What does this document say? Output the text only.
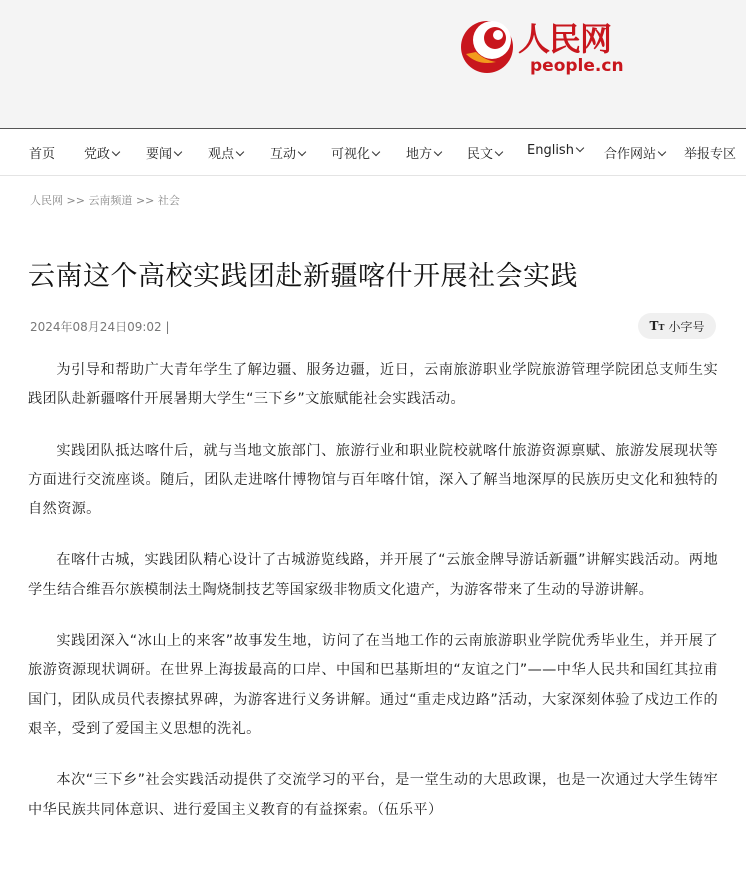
人民网
people.cn
首页 党政	要闻	观点	互动	可视化	地方	民文	English	合作网站	举报专区
人民网 >> 云南频道 >> 社会
云南这个高校实践团赴新疆喀什开展社会实践
2024年08月24日09:02 |	TT 小字号

为引导和帮助广大青年学生了解边疆、服务边疆，近日，云南旅游职业学院旅游管理学院团总支师生实践团队赴新疆喀什开展暑期大学生“三下乡”文旅赋能社会实践活动。

实践团队抵达喀什后，就与当地文旅部门、旅游行业和职业院校就喀什旅游资源禀赋、旅游发展现状等方面进行交流座谈。随后，团队走进喀什博物馆与百年喀什馆，深入了解当地深厚的民族历史文化和独特的自然资源。

在喀什古城，实践团队精心设计了古城游览线路，并开展了“云旅金牌导游话新疆”讲解实践活动。两地学生结合维吾尔族模制法土陶烧制技艺等国家级非物质文化遗产，为游客带来了生动的导游讲解。

实践团深入“冰山上的来客”故事发生地，访问了在当地工作的云南旅游职业学院优秀毕业生，并开展了旅游资源现状调研。在世界上海拔最高的口岸、中国和巴基斯坦的“友谊之门”——中华人民共和国红其拉甫国门，团队成员代表擦拭界碑，为游客进行义务讲解。通过“重走戍边路”活动，大家深刻体验了戍边工作的艰辛，受到了爱国主义思想的洗礼。

本次“三下乡”社会实践活动提供了交流学习的平台，是一堂生动的大思政课，也是一次通过大学生铸牢中华民族共同体意识、进行爱国主义教育的有益探索。（伍乐平）
